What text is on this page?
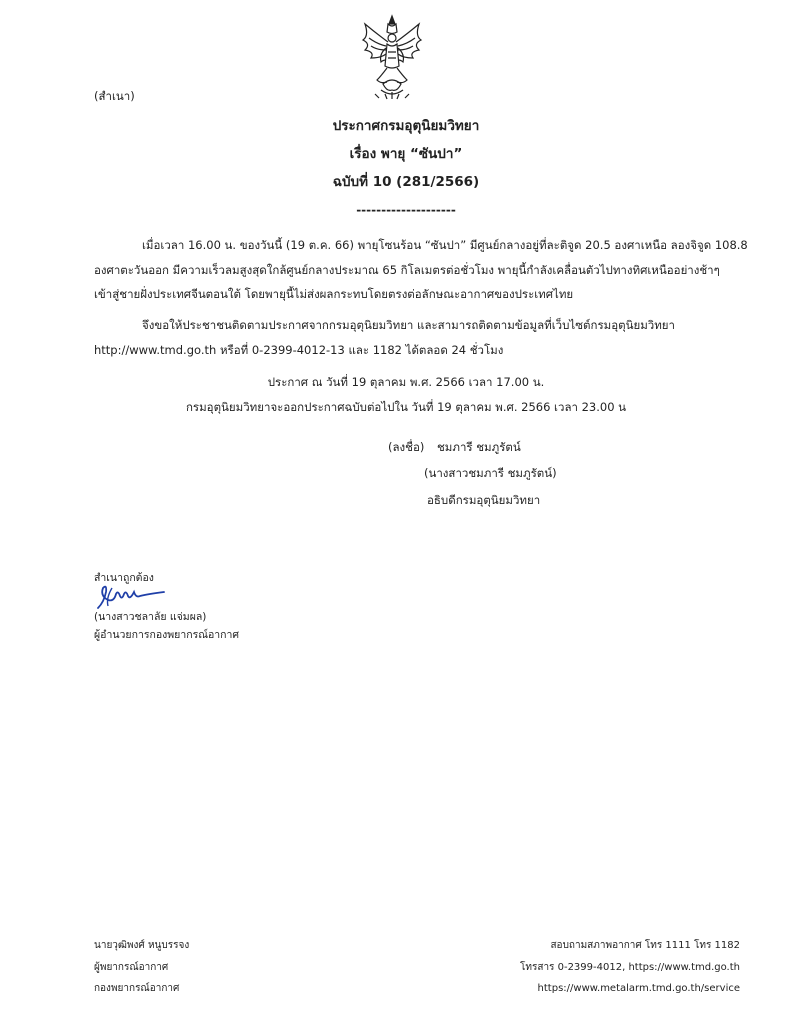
(สำเนา)
ประกาศกรมอุตุนิยมวิทยา
เรื่อง พายุ “ซันปา”
ฉบับที่ 10 (281/2566)
--------------------
เมื่อเวลา 16.00 น. ของวันนี้ (19 ต.ค. 66) พายุโซนร้อน “ซันปา” มีศูนย์กลางอยู่ที่ละติจูด 20.5 องศาเหนือ ลองจิจูด 108.8
องศาตะวันออก มีความเร็วลมสูงสุดใกล้ศูนย์กลางประมาณ 65 กิโลเมตรต่อชั่วโมง พายุนี้กำลังเคลื่อนตัวไปทางทิศเหนืออย่างช้าๆ
เข้าสู่ชายฝั่งประเทศจีนตอนใต้ โดยพายุนี้ไม่ส่งผลกระทบโดยตรงต่อลักษณะอากาศของประเทศไทย
จึงขอให้ประชาชนติดตามประกาศจากกรมอุตุนิยมวิทยา และสามารถติดตามข้อมูลที่เว็บไซต์กรมอุตุนิยมวิทยา
http://www.tmd.go.th หรือที่ 0-2399-4012-13 และ 1182 ได้ตลอด 24 ชั่วโมง
ประกาศ ณ วันที่ 19 ตุลาคม พ.ศ. 2566 เวลา 17.00 น.
กรมอุตุนิยมวิทยาจะออกประกาศฉบับต่อไปใน วันที่ 19 ตุลาคม พ.ศ. 2566 เวลา 23.00 น
(ลงชื่อ) ชมภารี ชมภูรัตน์
(นางสาวชมภารี ชมภูรัตน์)
อธิบดีกรมอุตุนิยมวิทยา
สำเนาถูกต้อง
(นางสาวชลาลัย แจ่มผล)
ผู้อำนวยการกองพยากรณ์อากาศ
นายวุฒิพงศ์ หนูบรรจง
ผู้พยากรณ์อากาศ
กองพยากรณ์อากาศ
สอบถามสภาพอากาศ โทร 1111 โทร 1182
โทรสาร 0-2399-4012, https://www.tmd.go.th
https://www.metalarm.tmd.go.th/service
